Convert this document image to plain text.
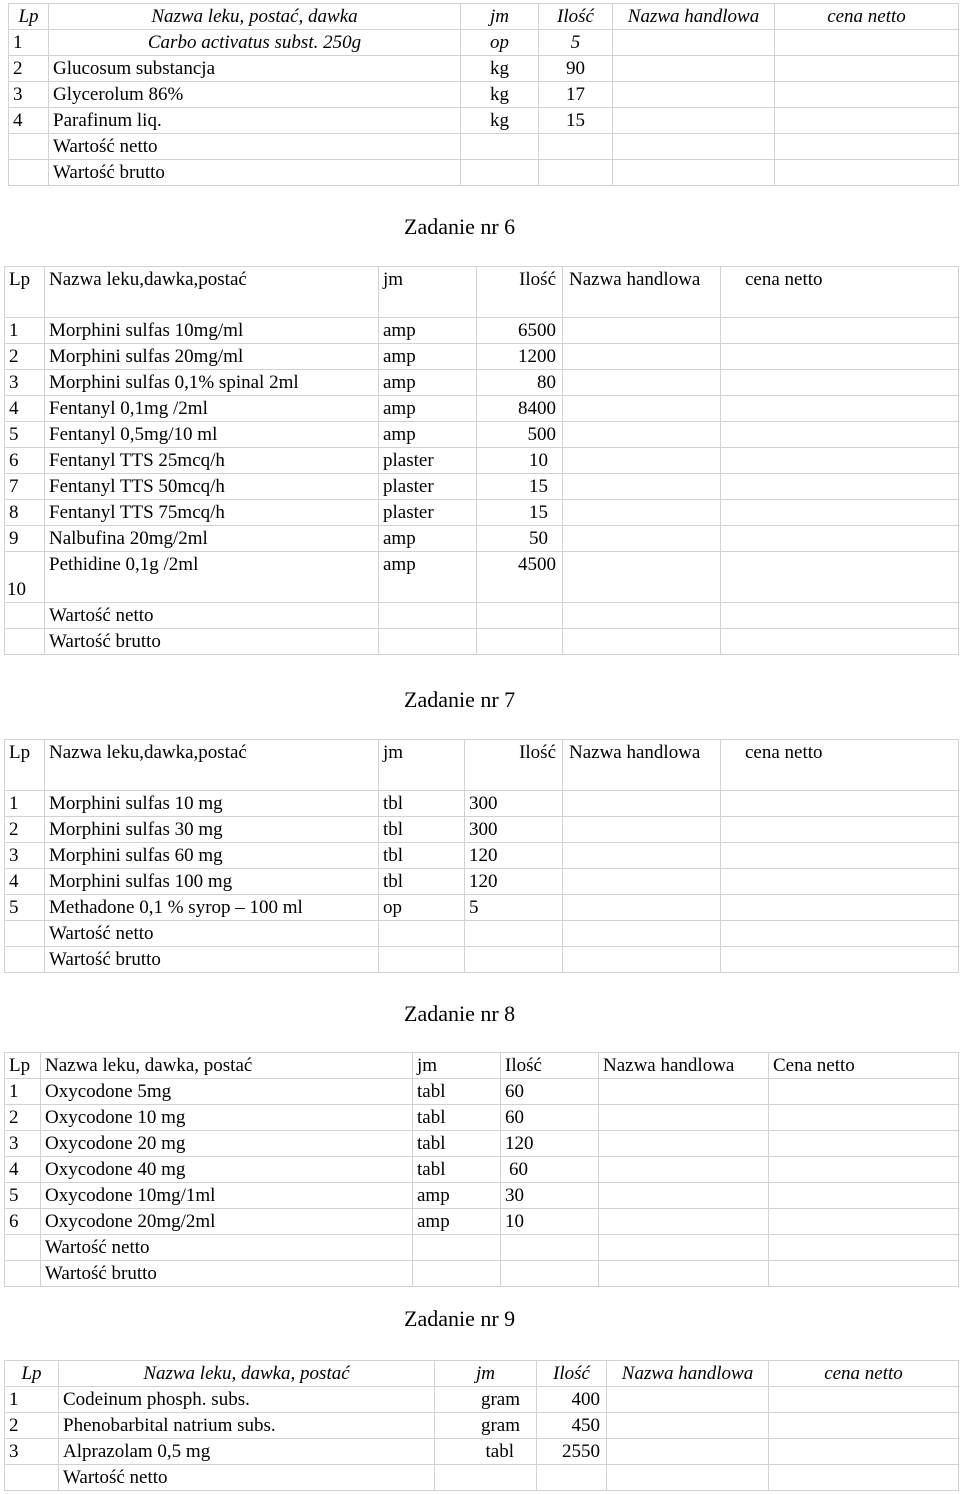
Lp	Nazwa leku, postać, dawka	jm	Ilość	Nazwa handlowa	cena netto
1	Carbo activatus subst. 250g	op	5		
2	Glucosum substancja	kg	90		
3	Glycerolum 86%	kg	17		
4	Parafinum liq.	kg	15		
	Wartość netto				
	Wartość brutto				
Zadanie nr 6
Lp	Nazwa leku,dawka,postać	jm	Ilość	Nazwa handlowa	cena netto
1	Morphini sulfas 10mg/ml	amp	6500		
2	Morphini sulfas 20mg/ml	amp	1200		
3	Morphini sulfas 0,1% spinal 2ml	amp	80		
4	Fentanyl 0,1mg /2ml	amp	8400		
5	Fentanyl 0,5mg/10 ml	amp	500		
6	Fentanyl TTS 25mcq/h	plaster	10		
7	Fentanyl TTS 50mcq/h	plaster	15		
8	Fentanyl TTS 75mcq/h	plaster	15		
9	Nalbufina 20mg/2ml	amp	50		
10	Pethidine 0,1g /2ml	amp	4500		
	Wartość netto				
	Wartość brutto				
Zadanie nr 7
Lp	Nazwa leku,dawka,postać	jm	Ilość	Nazwa handlowa	cena netto
1	Morphini sulfas 10 mg	tbl	300		
2	Morphini sulfas 30 mg	tbl	300		
3	Morphini sulfas 60 mg	tbl	120		
4	Morphini sulfas 100 mg	tbl	120		
5	Methadone 0,1 % syrop – 100 ml	op	5		
	Wartość netto				
	Wartość brutto				
Zadanie nr 8
Lp	Nazwa leku, dawka, postać	jm	Ilość	Nazwa handlowa	Cena netto
1	Oxycodone 5mg	tabl	60		
2	Oxycodone 10 mg	tabl	60		
3	Oxycodone 20 mg	tabl	120		
4	Oxycodone 40 mg	tabl	60		
5	Oxycodone 10mg/1ml	amp	30		
6	Oxycodone 20mg/2ml	amp	10		
	Wartość netto				
	Wartość brutto				
Zadanie nr 9
Lp	Nazwa leku, dawka, postać	jm	Ilość	Nazwa handlowa	cena netto
1	Codeinum phosph. subs.	gram	400		
2	Phenobarbital natrium subs.	gram	450		
3	Alprazolam 0,5 mg	tabl	2550		
	Wartość netto				
